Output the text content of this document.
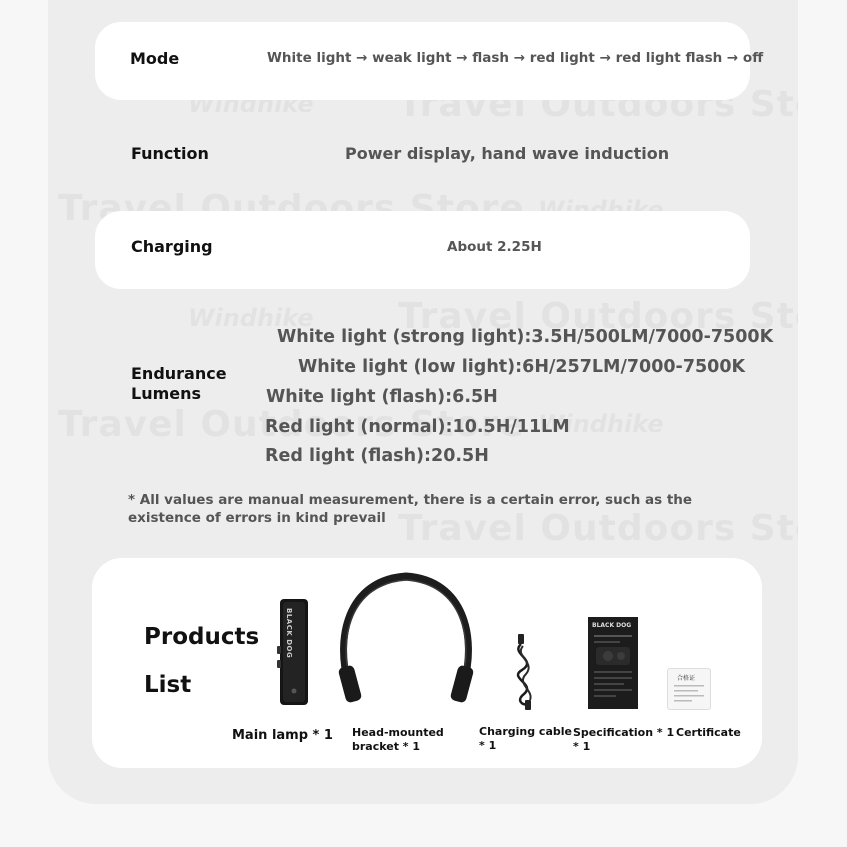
Mode	White light → weak light → flash → red light → red light flash → off
Function	Power display, hand wave induction
Charging	About 2.25H
Endurance
Lumens
White light (strong light):3.5H/500LM/7000-7500K
White light (low light):6H/257LM/7000-7500K
White light (flash):6.5H
Red light (normal):10.5H/11LM
Red light (flash):20.5H
* All values are manual measurement, there is a certain error, such as the existence of errors in kind prevail
Products
List
BLACK DOG	BLACK DOG
合格证
Main lamp * 1 Head-mounted
bracket * 1
Charging cable
* 1
Specification * 1
* 1
Certificate
